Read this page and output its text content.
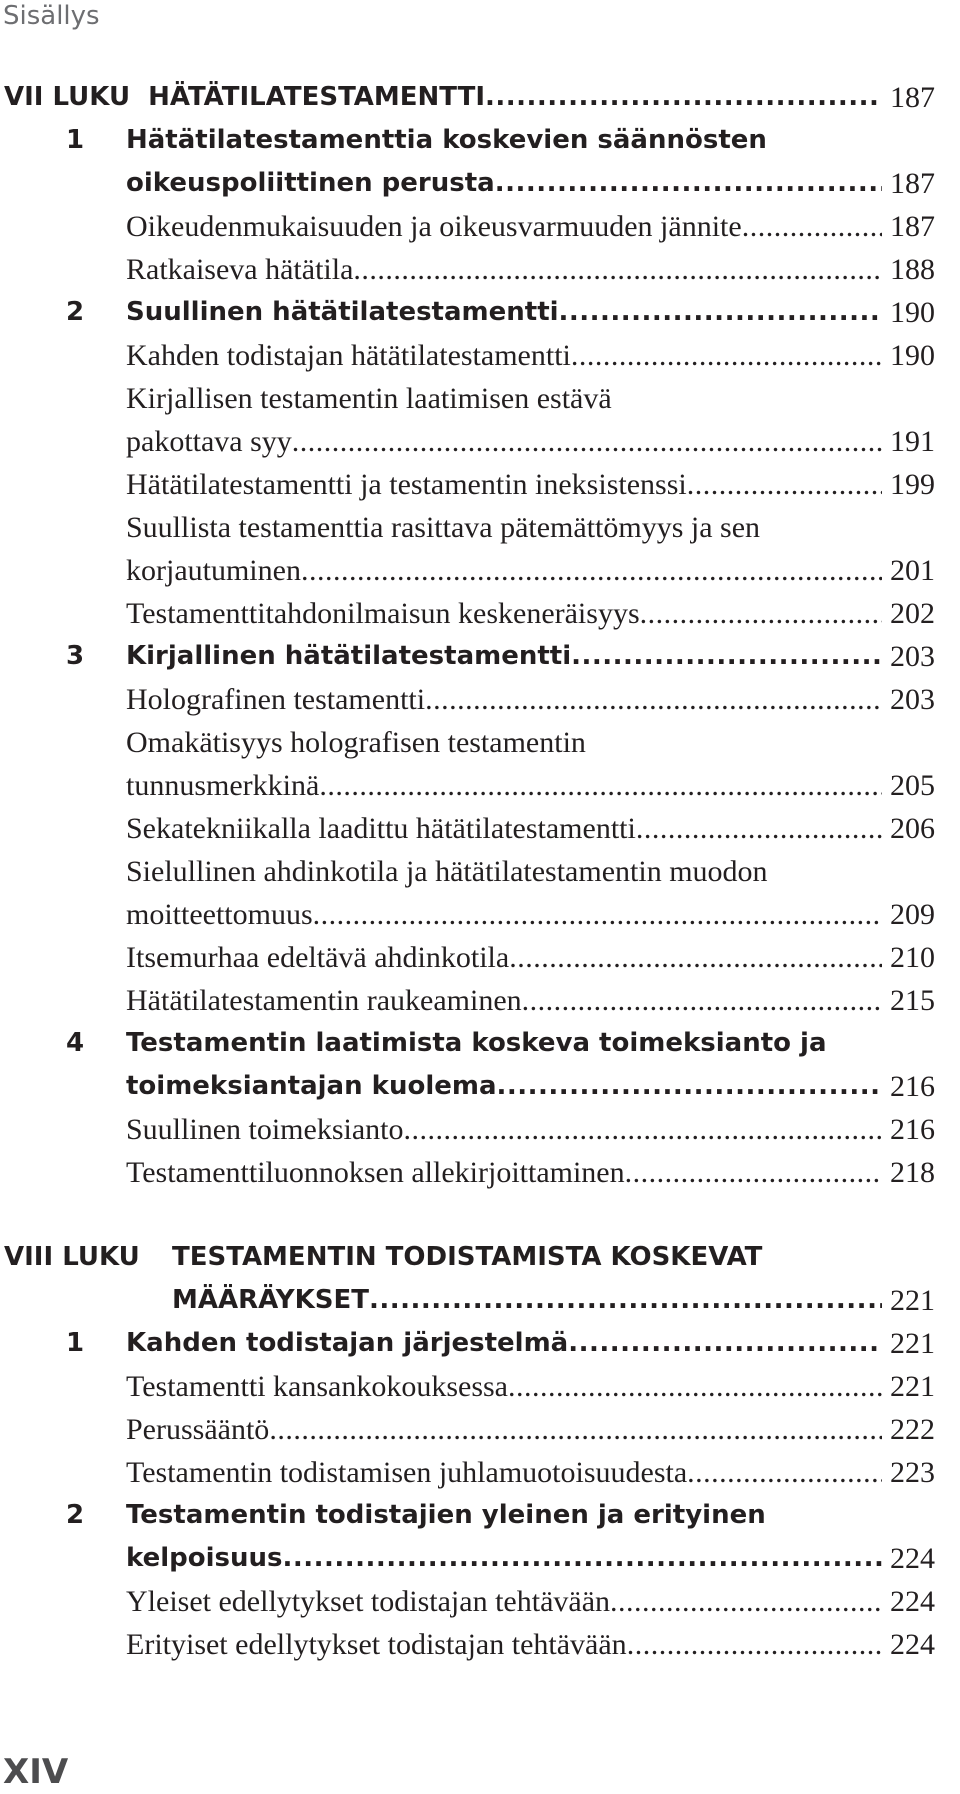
Sisällys
VII LUKU HÄTÄTILATESTAMENTTI .....	187
1 Hätätilatestamenttia koskevien säännösten
oikeuspoliittinen perusta .....	187
Oikeudenmukaisuuden ja oikeusvarmuuden jännite .....	187
Ratkaiseva hätätila .....	188
2 Suullinen hätätilatestamentti .....	190
Kahden todistajan hätätilatestamentti .....	190
Kirjallisen testamentin laatimisen estävä
pakottava syy .....	191
Hätätilatestamentti ja testamentin ineksistenssi .....	199
Suullista testamenttia rasittava pätemättömyys ja sen
korjautuminen .....	201
Testamenttitahdonilmaisun keskeneräisyys .....	202
3 Kirjallinen hätätilatestamentti .....	203
Holografinen testamentti .....	203
Omakätisyys holografisen testamentin
tunnusmerkkinä .....	205
Sekatekniikalla laadittu hätätilatestamentti .....	206
Sielullinen ahdinkotila ja hätätilatestamentin muodon
moitteettomuus .....	209
Itsemurhaa edeltävä ahdinkotila .....	210
Hätätilatestamentin raukeaminen .....	215
4 Testamentin laatimista koskeva toimeksianto ja
toimeksiantajan kuolema .....	216
Suullinen toimeksianto .....	216
Testamenttiluonnoksen allekirjoittaminen .....	218
VIII LUKU TESTAMENTIN TODISTAMISTA KOSKEVAT
MÄÄRÄYKSET .....	221
1 Kahden todistajan järjestelmä .....	221
Testamentti kansankokouksessa .....	221
Perussääntö .....	222
Testamentin todistamisen juhlamuotoisuudesta .....	223
2 Testamentin todistajien yleinen ja erityinen
kelpoisuus .....	224
Yleiset edellytykset todistajan tehtävään .....	224
Erityiset edellytykset todistajan tehtävään .....	224
XIV
